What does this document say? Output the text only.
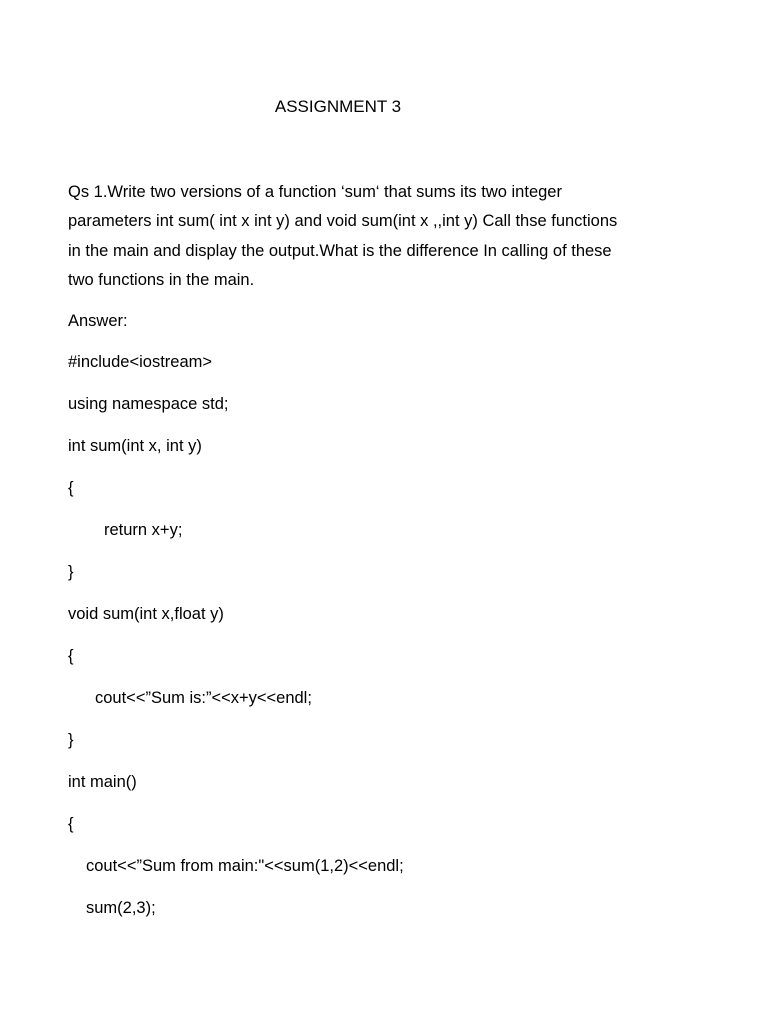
ASSIGNMENT 3
Qs 1.Write two versions of a function ‘sum‘ that sums its two integer
parameters int sum( int x int y) and void sum(int x ,,int y) Call thse functions
in the main and display the output.What is the difference In calling of these
two functions in the main.
Answer:
#include<iostream>
using namespace std;
int sum(int x, int y)
{
return x+y;
}
void sum(int x,float y)
{
cout<<”Sum is:”<<x+y<<endl;
}
int main()
{
cout<<”Sum from main:"<<sum(1,2)<<endl;
sum(2,3);
